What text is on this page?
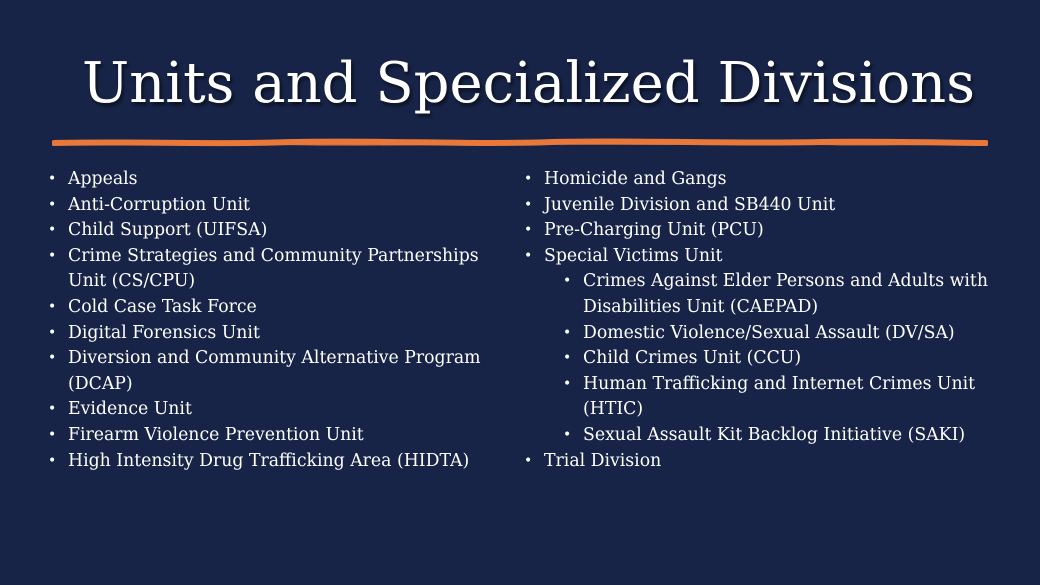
Units and Specialized Divisions
• Appeals
• Anti-Corruption Unit
• Child Support (UIFSA)
• Crime Strategies and Community Partnerships Unit (CS/CPU)
• Cold Case Task Force
• Digital Forensics Unit
• Diversion and Community Alternative Program (DCAP)
• Evidence Unit
• Firearm Violence Prevention Unit
• High Intensity Drug Trafficking Area (HIDTA)
• Homicide and Gangs
• Juvenile Division and SB440 Unit
• Pre-Charging Unit (PCU)
• Special Victims Unit
• Crimes Against Elder Persons and Adults with Disabilities Unit (CAEPAD)
• Domestic Violence/Sexual Assault (DV/SA)
• Child Crimes Unit (CCU)
• Human Trafficking and Internet Crimes Unit (HTIC)
• Sexual Assault Kit Backlog Initiative (SAKI)
• Trial Division
